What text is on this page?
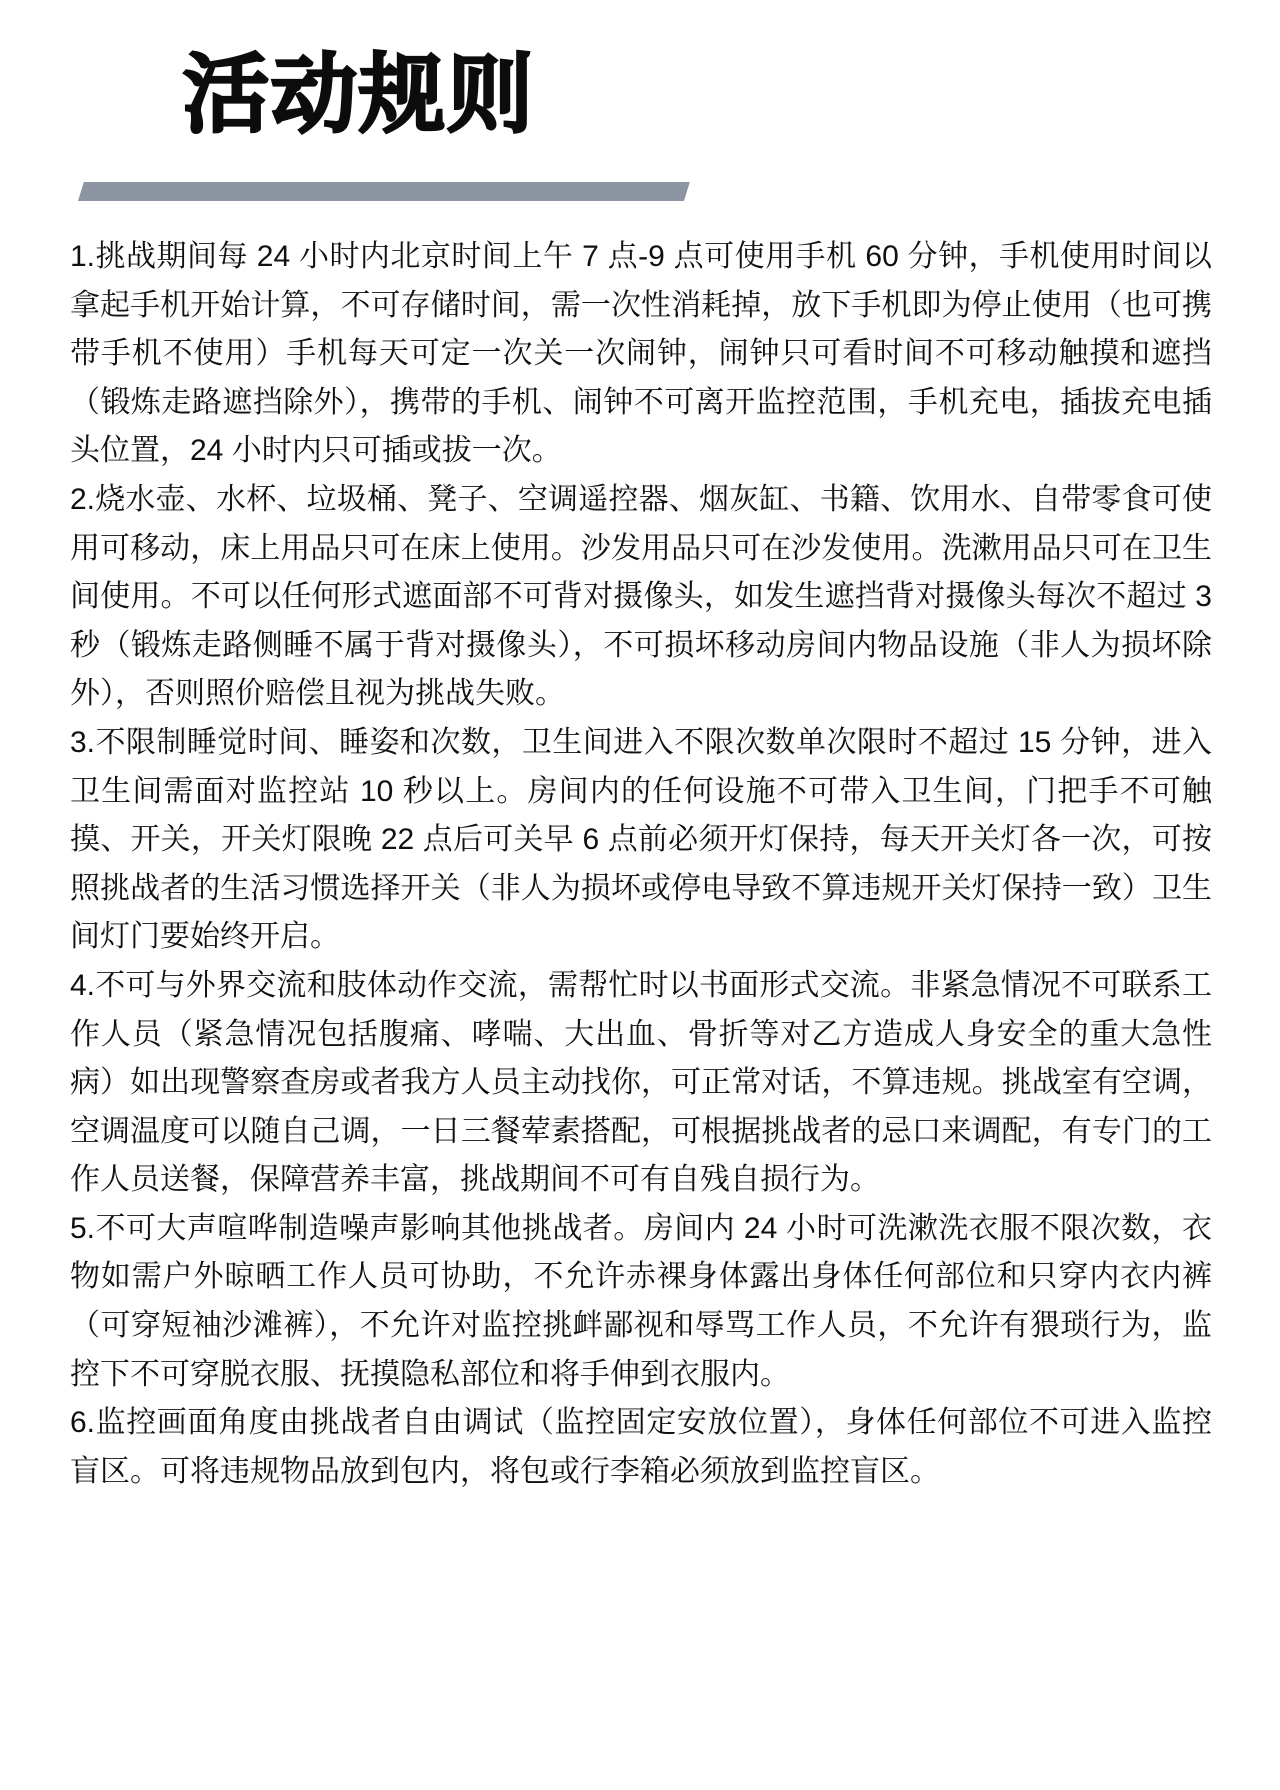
活动规则

1.挑战期间每 24 小时内北京时间上午 7 点-9 点可使用手机 60 分钟，手机使用时间以拿起手机开始计算，不可存储时间，需一次性消耗掉，放下手机即为停止使用（也可携带手机不使用）手机每天可定一次关一次闹钟，闹钟只可看时间不可移动触摸和遮挡（锻炼走路遮挡除外），携带的手机、闹钟不可离开监控范围，手机充电，插拔充电插头位置，24 小时内只可插或拔一次。

2.烧水壶、水杯、垃圾桶、凳子、空调遥控器、烟灰缸、书籍、饮用水、自带零食可使用可移动，床上用品只可在床上使用。沙发用品只可在沙发使用。洗漱用品只可在卫生间使用。不可以任何形式遮面部不可背对摄像头，如发生遮挡背对摄像头每次不超过 3 秒（锻炼走路侧睡不属于背对摄像头），不可损坏移动房间内物品设施（非人为损坏除外），否则照价赔偿且视为挑战失败。

3.不限制睡觉时间、睡姿和次数，卫生间进入不限次数单次限时不超过 15 分钟，进入卫生间需面对监控站 10 秒以上。房间内的任何设施不可带入卫生间，门把手不可触摸、开关，开关灯限晚 22 点后可关早 6 点前必须开灯保持，每天开关灯各一次，可按照挑战者的生活习惯选择开关（非人为损坏或停电导致不算违规开关灯保持一致）卫生间灯门要始终开启。

4.不可与外界交流和肢体动作交流，需帮忙时以书面形式交流。非紧急情况不可联系工作人员（紧急情况包括腹痛、哮喘、大出血、骨折等对乙方造成人身安全的重大急性病）如出现警察查房或者我方人员主动找你，可正常对话，不算违规。挑战室有空调，空调温度可以随自己调，一日三餐荤素搭配，可根据挑战者的忌口来调配，有专门的工作人员送餐，保障营养丰富，挑战期间不可有自残自损行为。

5.不可大声喧哗制造噪声影响其他挑战者。房间内 24 小时可洗漱洗衣服不限次数，衣物如需户外晾晒工作人员可协助，不允许赤裸身体露出身体任何部位和只穿内衣内裤（可穿短袖沙滩裤），不允许对监控挑衅鄙视和辱骂工作人员，不允许有猥琐行为，监控下不可穿脱衣服、抚摸隐私部位和将手伸到衣服内。

6.监控画面角度由挑战者自由调试（监控固定安放位置），身体任何部位不可进入监控盲区。可将违规物品放到包内，将包或行李箱必须放到监控盲区。
